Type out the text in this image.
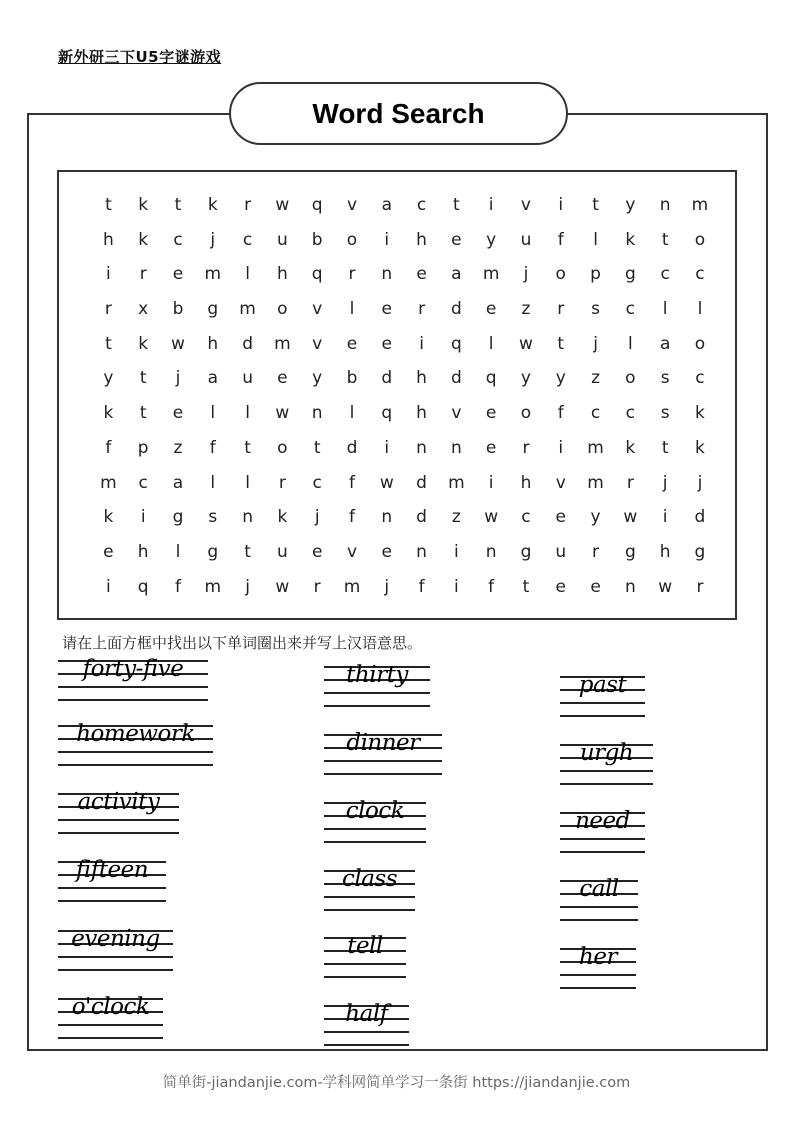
新外研三下U5字谜游戏
Word Search
t	k	t	k	r	w	q	v	a	c	t	i	v	i	t	y	n	m
h	k	c	j	c	u	b	o	i	h	e	y	u	f	l	k	t	o
i	r	e	m	l	h	q	r	n	e	a	m	j	o	p	g	c	c
r	x	b	g	m	o	v	l	e	r	d	e	z	r	s	c	l	l
t	k	w	h	d	m	v	e	e	i	q	l	w	t	j	l	a	o
y	t	j	a	u	e	y	b	d	h	d	q	y	y	z	o	s	c
k	t	e	l	l	w	n	l	q	h	v	e	o	f	c	c	s	k
f	p	z	f	t	o	t	d	i	n	n	e	r	i	m	k	t	k
m	c	a	l	l	r	c	f	w	d	m	i	h	v	m	r	j	j
k	i	g	s	n	k	j	f	n	d	z	w	c	e	y	w	i	d
e	h	l	g	t	u	e	v	e	n	i	n	g	u	r	g	h	g
i	q	f	m	j	w	r	m	j	f	i	f	t	e	e	n	w	r
请在上面方框中找出以下单词圈出来并写上汉语意思。
forty-five
homework
activity
fifteen
evening
o'clock
thirty
dinner
clock
class
tell
half
past
urgh
need
call
her
简单街-jiandanjie.com-学科网简单学习一条街 https://jiandanjie.com
